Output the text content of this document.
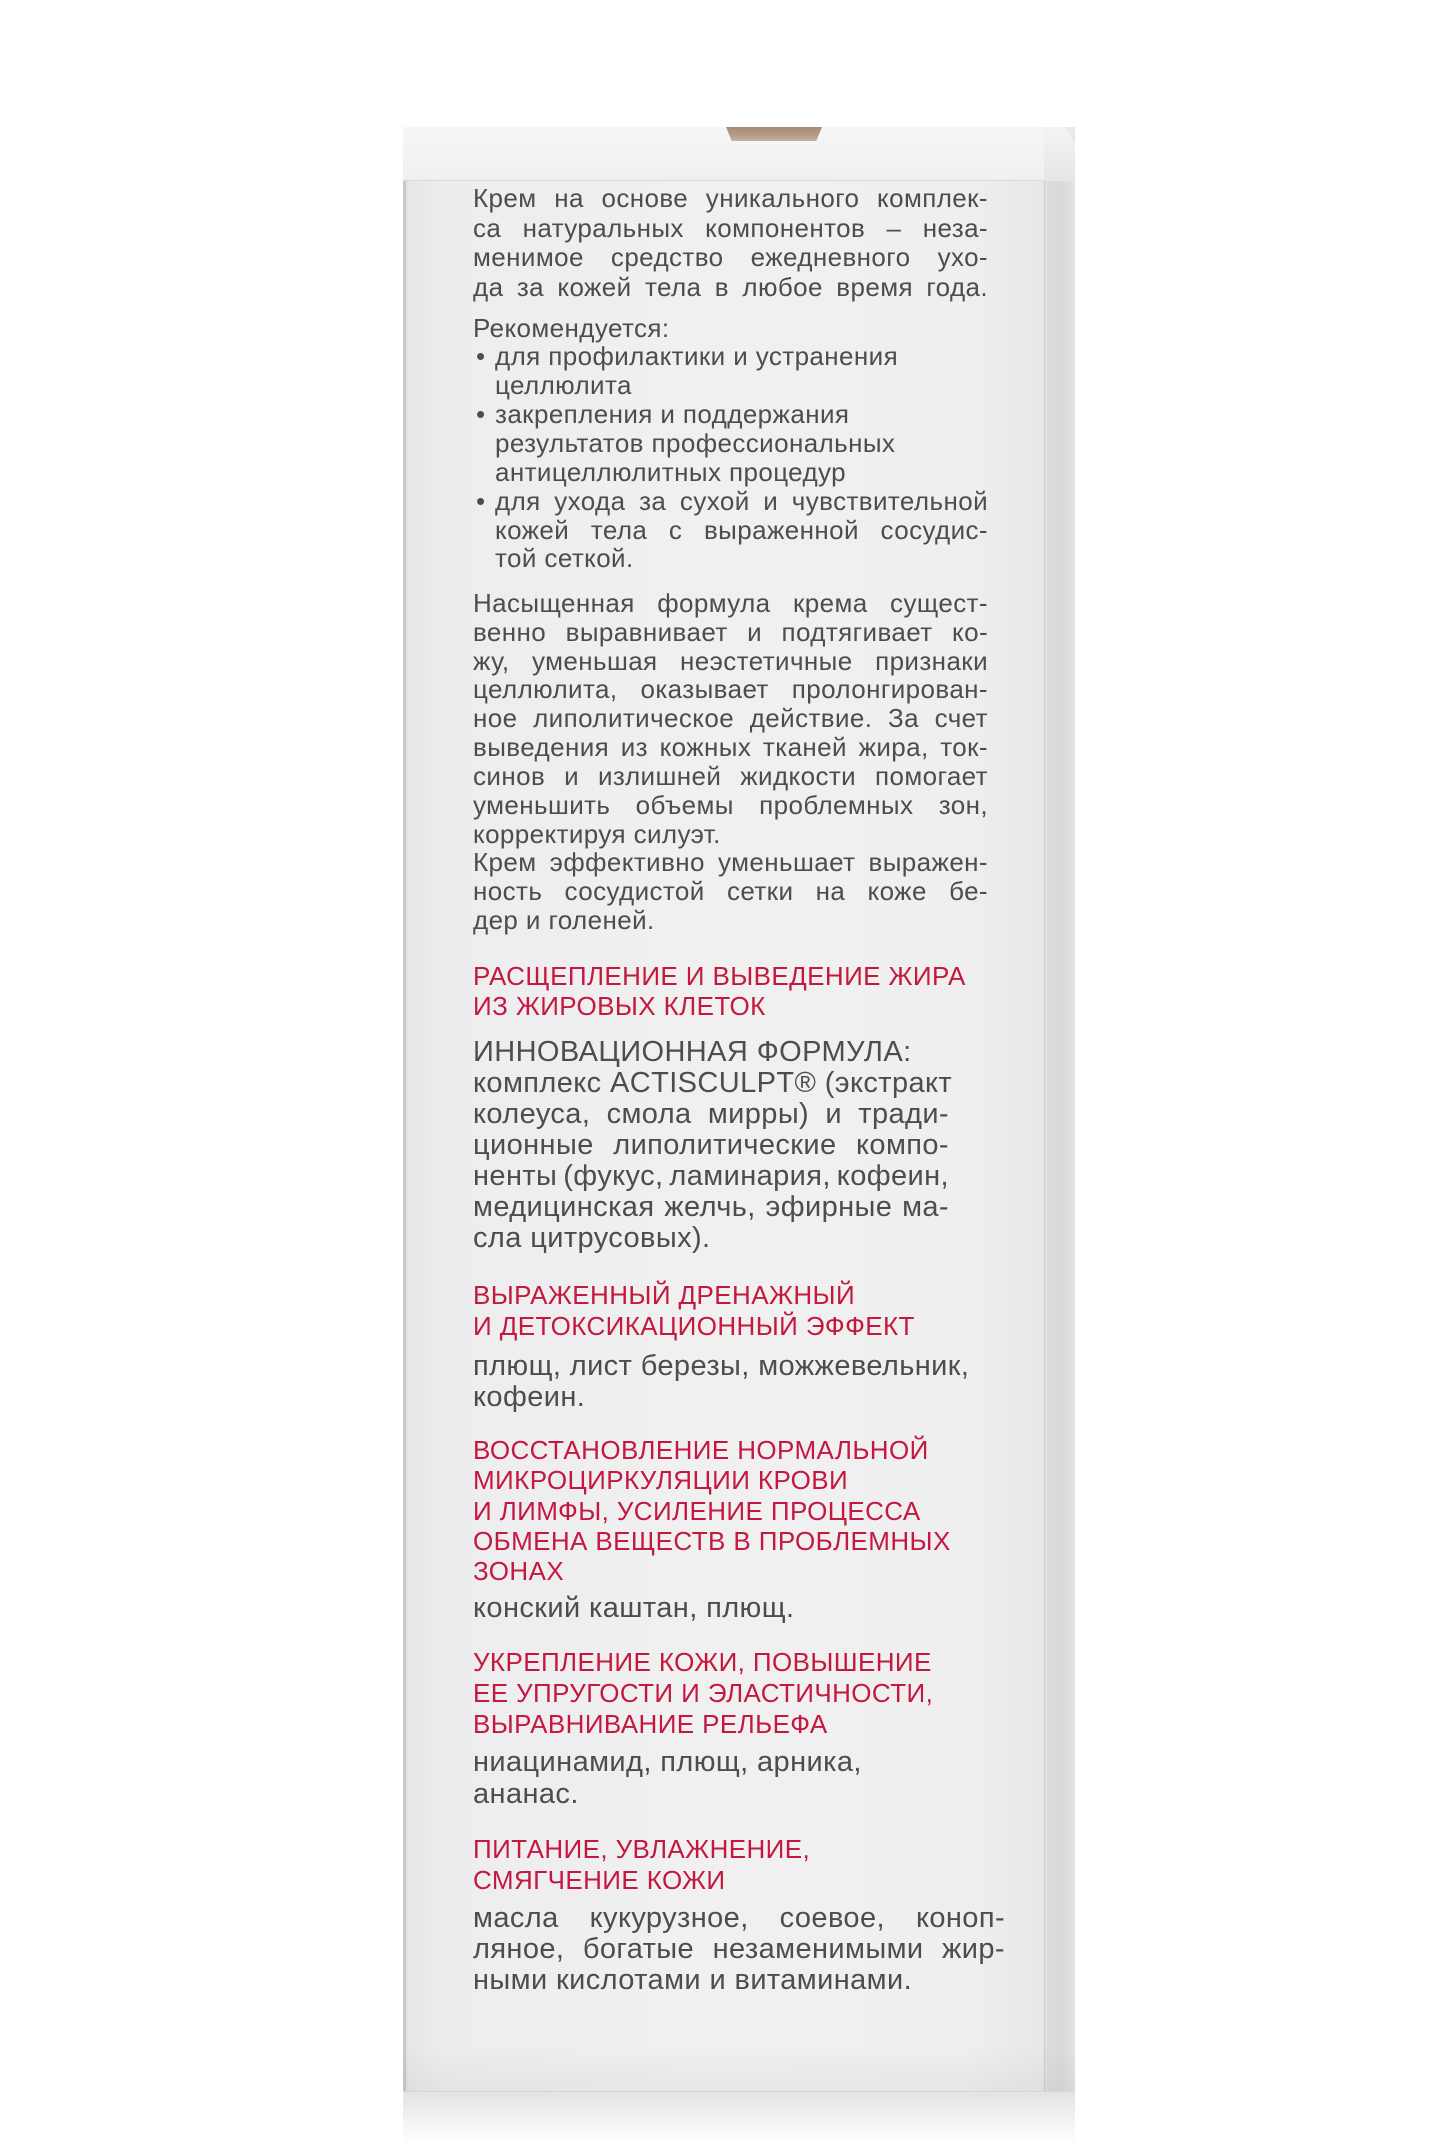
Крем на основе уникального комплек-
са натуральных компонентов – неза-
менимое средство ежедневного ухо-
да за кожей тела в любое время года.
Рекомендуется:
• для профилактики и устранения
целлюлита
• закрепления и поддержания
результатов профессиональных
антицеллюлитных процедур
• для ухода за сухой и чувствительной
кожей тела с выраженной сосудис-
той сеткой.
Насыщенная формула крема сущест-
венно выравнивает и подтягивает ко-
жу, уменьшая неэстетичные признаки
целлюлита, оказывает пролонгирован-
ное липолитическое действие. За счет
выведения из кожных тканей жира, ток-
синов и излишней жидкости помогает
уменьшить объемы проблемных зон,
корректируя силуэт.
Крем эффективно уменьшает выражен-
ность сосудистой сетки на коже бе-
дер и голеней.
РАСЩЕПЛЕНИЕ И ВЫВЕДЕНИЕ ЖИРА
ИЗ ЖИРОВЫХ КЛЕТОК
ИННОВАЦИОННАЯ ФОРМУЛА:
комплекс ACTISCULPT® (экстракт
колеуса, смола мирры) и тради-
ционные липолитические компо-
ненты (фукус, ламинария, кофеин,
медицинская желчь, эфирные ма-
сла цитрусовых).
ВЫРАЖЕННЫЙ ДРЕНАЖНЫЙ
И ДЕТОКСИКАЦИОННЫЙ ЭФФЕКТ
плющ, лист березы, можжевельник,
кофеин.
ВОССТАНОВЛЕНИЕ НОРМАЛЬНОЙ
МИКРОЦИРКУЛЯЦИИ КРОВИ
И ЛИМФЫ, УСИЛЕНИЕ ПРОЦЕССА
ОБМЕНА ВЕЩЕСТВ В ПРОБЛЕМНЫХ
ЗОНАХ
конский каштан, плющ.
УКРЕПЛЕНИЕ КОЖИ, ПОВЫШЕНИЕ
ЕЕ УПРУГОСТИ И ЭЛАСТИЧНОСТИ,
ВЫРАВНИВАНИЕ РЕЛЬЕФА
ниацинамид, плющ, арника,
ананас.
ПИТАНИЕ, УВЛАЖНЕНИЕ,
СМЯГЧЕНИЕ КОЖИ
масла кукурузное, соевое, коноп-
ляное, богатые незаменимыми жир-
ными кислотами и витаминами.
